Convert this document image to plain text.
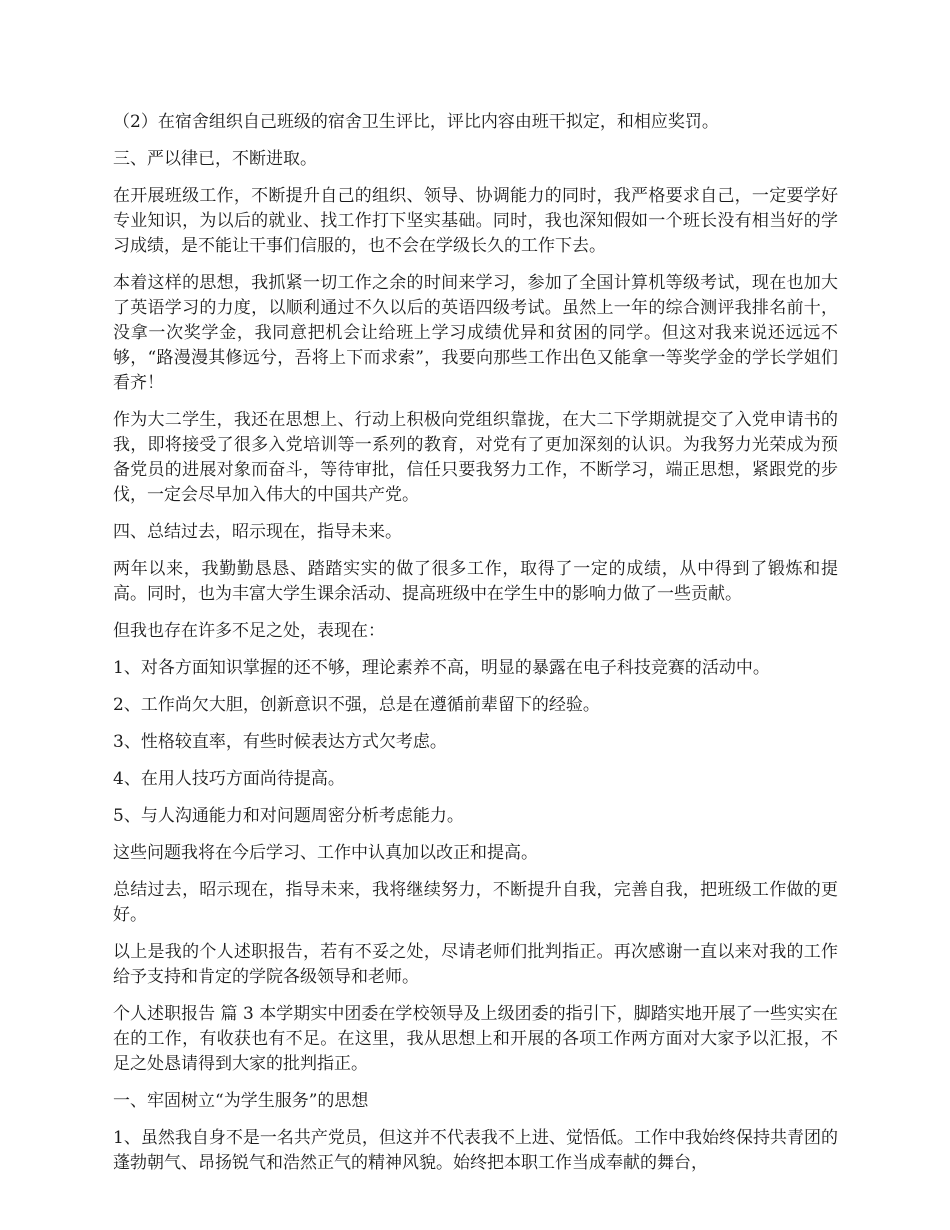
（2）在宿舍组织自己班级的宿舍卫生评比，评比内容由班干拟定，和相应奖罚。

三、严以律已，不断进取。

在开展班级工作，不断提升自己的组织、领导、协调能力的同时，我严格要求自己，一定要学好专业知识，为以后的就业、找工作打下坚实基础。同时，我也深知假如一个班长没有相当好的学习成绩，是不能让干事们信服的，也不会在学级长久的工作下去。

本着这样的思想，我抓紧一切工作之余的时间来学习，参加了全国计算机等级考试，现在也加大了英语学习的力度，以顺利通过不久以后的英语四级考试。虽然上一年的综合测评我排名前十，没拿一次奖学金，我同意把机会让给班上学习成绩优异和贫困的同学。但这对我来说还远远不够，“路漫漫其修远兮，吾将上下而求索”，我要向那些工作出色又能拿一等奖学金的学长学姐们看齐！

作为大二学生，我还在思想上、行动上积极向党组织靠拢，在大二下学期就提交了入党申请书的我，即将接受了很多入党培训等一系列的教育，对党有了更加深刻的认识。为我努力光荣成为预备党员的进展对象而奋斗，等待审批，信任只要我努力工作，不断学习，端正思想，紧跟党的步伐，一定会尽早加入伟大的中国共产党。

四、总结过去，昭示现在，指导未来。

两年以来，我勤勤恳恳、踏踏实实的做了很多工作，取得了一定的成绩，从中得到了锻炼和提高。同时，也为丰富大学生课余活动、提高班级中在学生中的影响力做了一些贡献。

但我也存在许多不足之处，表现在：

1、对各方面知识掌握的还不够，理论素养不高，明显的暴露在电子科技竞赛的活动中。

2、工作尚欠大胆，创新意识不强，总是在遵循前辈留下的经验。

3、性格较直率，有些时候表达方式欠考虑。

4、在用人技巧方面尚待提高。

5、与人沟通能力和对问题周密分析考虑能力。

这些问题我将在今后学习、工作中认真加以改正和提高。

总结过去，昭示现在，指导未来，我将继续努力，不断提升自我，完善自我，把班级工作做的更好。

以上是我的个人述职报告，若有不妥之处，尽请老师们批判指正。再次感谢一直以来对我的工作给予支持和肯定的学院各级领导和老师。

个人述职报告 篇 3 本学期实中团委在学校领导及上级团委的指引下，脚踏实地开展了一些实实在在的工作，有收获也有不足。在这里，我从思想上和开展的各项工作两方面对大家予以汇报，不足之处恳请得到大家的批判指正。

一、牢固树立“为学生服务”的思想

1、虽然我自身不是一名共产党员，但这并不代表我不上进、觉悟低。工作中我始终保持共青团的蓬勃朝气、昂扬锐气和浩然正气的精神风貌。始终把本职工作当成奉献的舞台，
